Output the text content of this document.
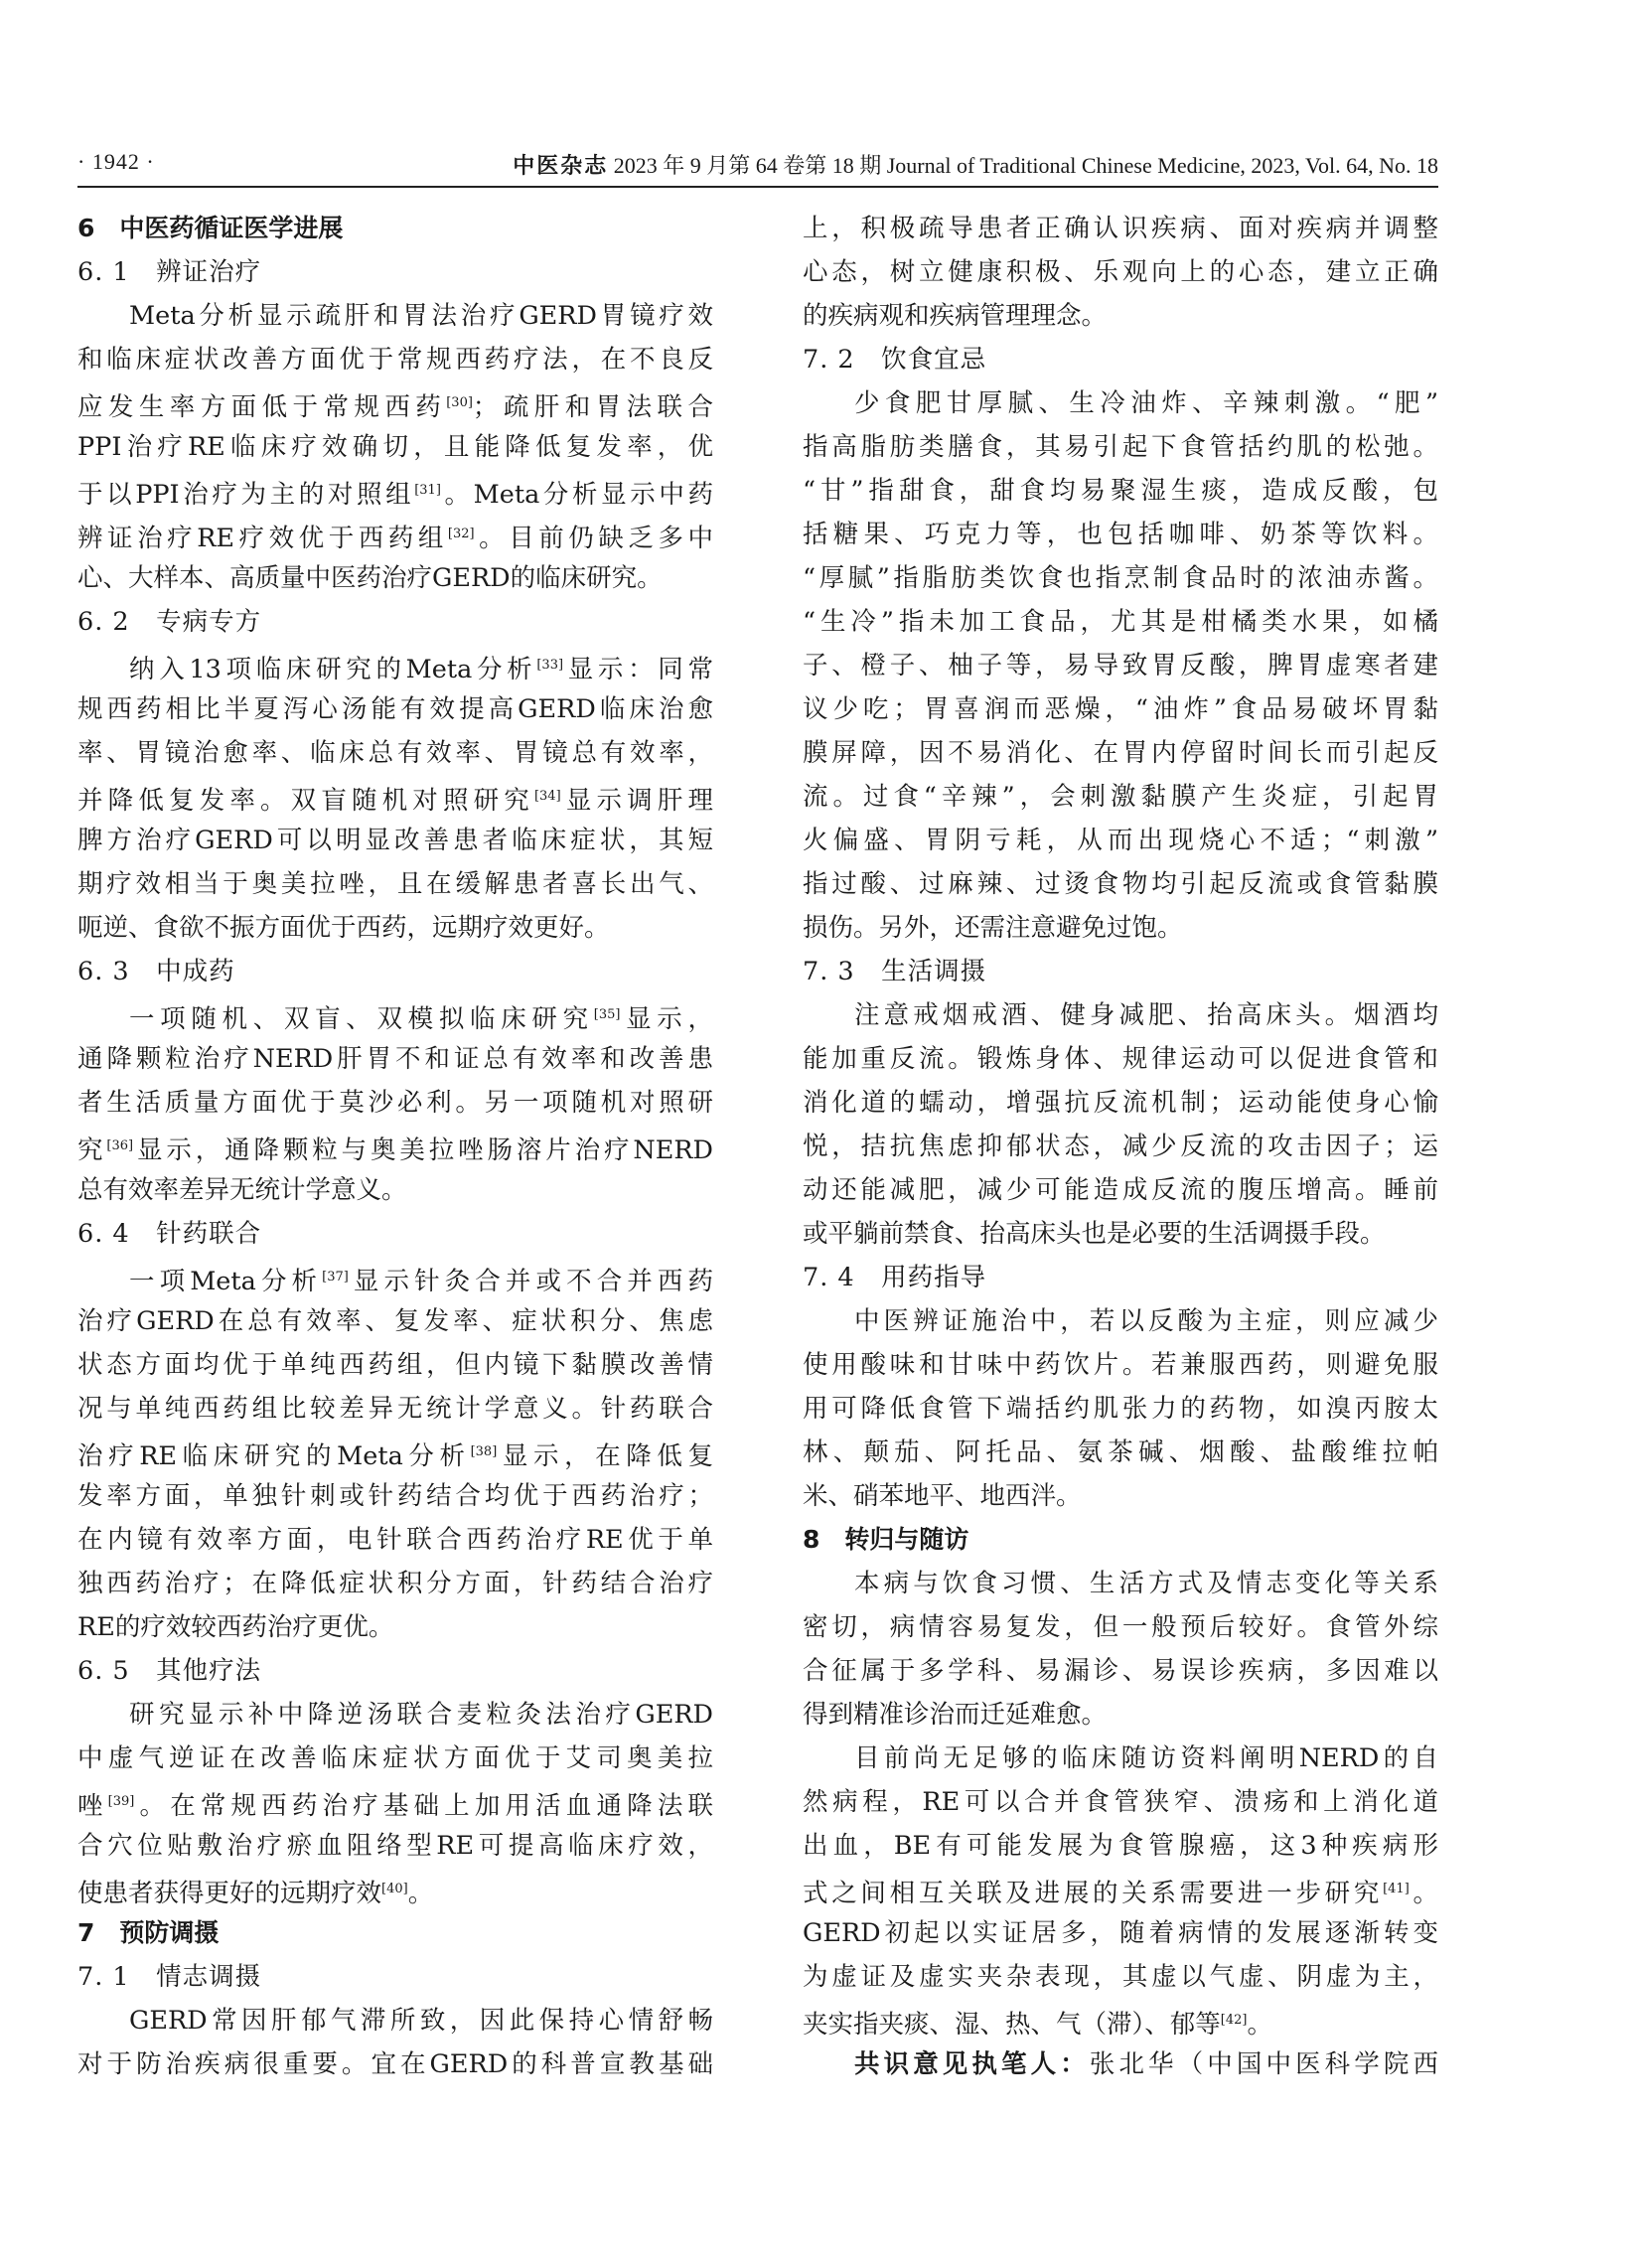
· 1942 ·	中医杂志 2023 年 9 月第 64 卷第 18 期 Journal of Traditional Chinese Medicine, 2023, Vol. 64, No. 18
6　中医药循证医学进展
6. 1　辨证治疗
Meta分析显示疏肝和胃法治疗GERD胃镜疗效
和临床症状改善方面优于常规西药疗法，在不良反
应发生率方面低于常规西药[30]；疏肝和胃法联合
PPI治疗RE临床疗效确切，且能降低复发率，优
于以PPI治疗为主的对照组[31]。Meta分析显示中药
辨证治疗RE疗效优于西药组[32]。目前仍缺乏多中
心、大样本、高质量中医药治疗GERD的临床研究。
6. 2　专病专方
纳入13项临床研究的Meta分析[33]显示：同常
规西药相比半夏泻心汤能有效提高GERD临床治愈
率、胃镜治愈率、临床总有效率、胃镜总有效率，
并降低复发率。双盲随机对照研究[34]显示调肝理
脾方治疗GERD可以明显改善患者临床症状，其短
期疗效相当于奥美拉唑，且在缓解患者喜长出气、
呃逆、食欲不振方面优于西药，远期疗效更好。
6. 3　中成药
一项随机、双盲、双模拟临床研究[35]显示，
通降颗粒治疗NERD肝胃不和证总有效率和改善患
者生活质量方面优于莫沙必利。另一项随机对照研
究[36]显示，通降颗粒与奥美拉唑肠溶片治疗NERD
总有效率差异无统计学意义。
6. 4　针药联合
一项Meta分析[37]显示针灸合并或不合并西药
治疗GERD在总有效率、复发率、症状积分、焦虑
状态方面均优于单纯西药组，但内镜下黏膜改善情
况与单纯西药组比较差异无统计学意义。针药联合
治疗RE临床研究的Meta分析[38]显示，在降低复
发率方面，单独针刺或针药结合均优于西药治疗；
在内镜有效率方面，电针联合西药治疗RE优于单
独西药治疗；在降低症状积分方面，针药结合治疗
RE的疗效较西药治疗更优。
6. 5　其他疗法
研究显示补中降逆汤联合麦粒灸法治疗GERD
中虚气逆证在改善临床症状方面优于艾司奥美拉
唑[39]。在常规西药治疗基础上加用活血通降法联
合穴位贴敷治疗瘀血阻络型RE可提高临床疗效，
使患者获得更好的远期疗效[40]。
7　预防调摄
7. 1　情志调摄
GERD常因肝郁气滞所致，因此保持心情舒畅
对于防治疾病很重要。宜在GERD的科普宣教基础
上，积极疏导患者正确认识疾病、面对疾病并调整
心态，树立健康积极、乐观向上的心态，建立正确
的疾病观和疾病管理理念。
7. 2　饮食宜忌
少食肥甘厚腻、生冷油炸、辛辣刺激。“肥”
指高脂肪类膳食，其易引起下食管括约肌的松弛。
“甘”指甜食，甜食均易聚湿生痰，造成反酸，包
括糖果、巧克力等，也包括咖啡、奶茶等饮料。
“厚腻”指脂肪类饮食也指烹制食品时的浓油赤酱。
“生冷”指未加工食品，尤其是柑橘类水果，如橘
子、橙子、柚子等，易导致胃反酸，脾胃虚寒者建
议少吃；胃喜润而恶燥，“油炸”食品易破坏胃黏
膜屏障，因不易消化、在胃内停留时间长而引起反
流。过食“辛辣”，会刺激黏膜产生炎症，引起胃
火偏盛、胃阴亏耗，从而出现烧心不适；“刺激”
指过酸、过麻辣、过烫食物均引起反流或食管黏膜
损伤。另外，还需注意避免过饱。
7. 3　生活调摄
注意戒烟戒酒、健身减肥、抬高床头。烟酒均
能加重反流。锻炼身体、规律运动可以促进食管和
消化道的蠕动，增强抗反流机制；运动能使身心愉
悦，拮抗焦虑抑郁状态，减少反流的攻击因子；运
动还能减肥，减少可能造成反流的腹压增高。睡前
或平躺前禁食、抬高床头也是必要的生活调摄手段。
7. 4　用药指导
中医辨证施治中，若以反酸为主症，则应减少
使用酸味和甘味中药饮片。若兼服西药，则避免服
用可降低食管下端括约肌张力的药物，如溴丙胺太
林、颠茄、阿托品、氨茶碱、烟酸、盐酸维拉帕
米、硝苯地平、地西泮。
8　转归与随访
本病与饮食习惯、生活方式及情志变化等关系
密切，病情容易复发，但一般预后较好。食管外综
合征属于多学科、易漏诊、易误诊疾病，多因难以
得到精准诊治而迁延难愈。
目前尚无足够的临床随访资料阐明NERD的自
然病程，RE可以合并食管狭窄、溃疡和上消化道
出血，BE有可能发展为食管腺癌，这3种疾病形
式之间相互关联及进展的关系需要进一步研究[41]。
GERD初起以实证居多，随着病情的发展逐渐转变
为虚证及虚实夹杂表现，其虚以气虚、阴虚为主，
夹实指夹痰、湿、热、气（滞）、郁等[42]。
共识意见执笔人：张北华（中国中医科学院西
